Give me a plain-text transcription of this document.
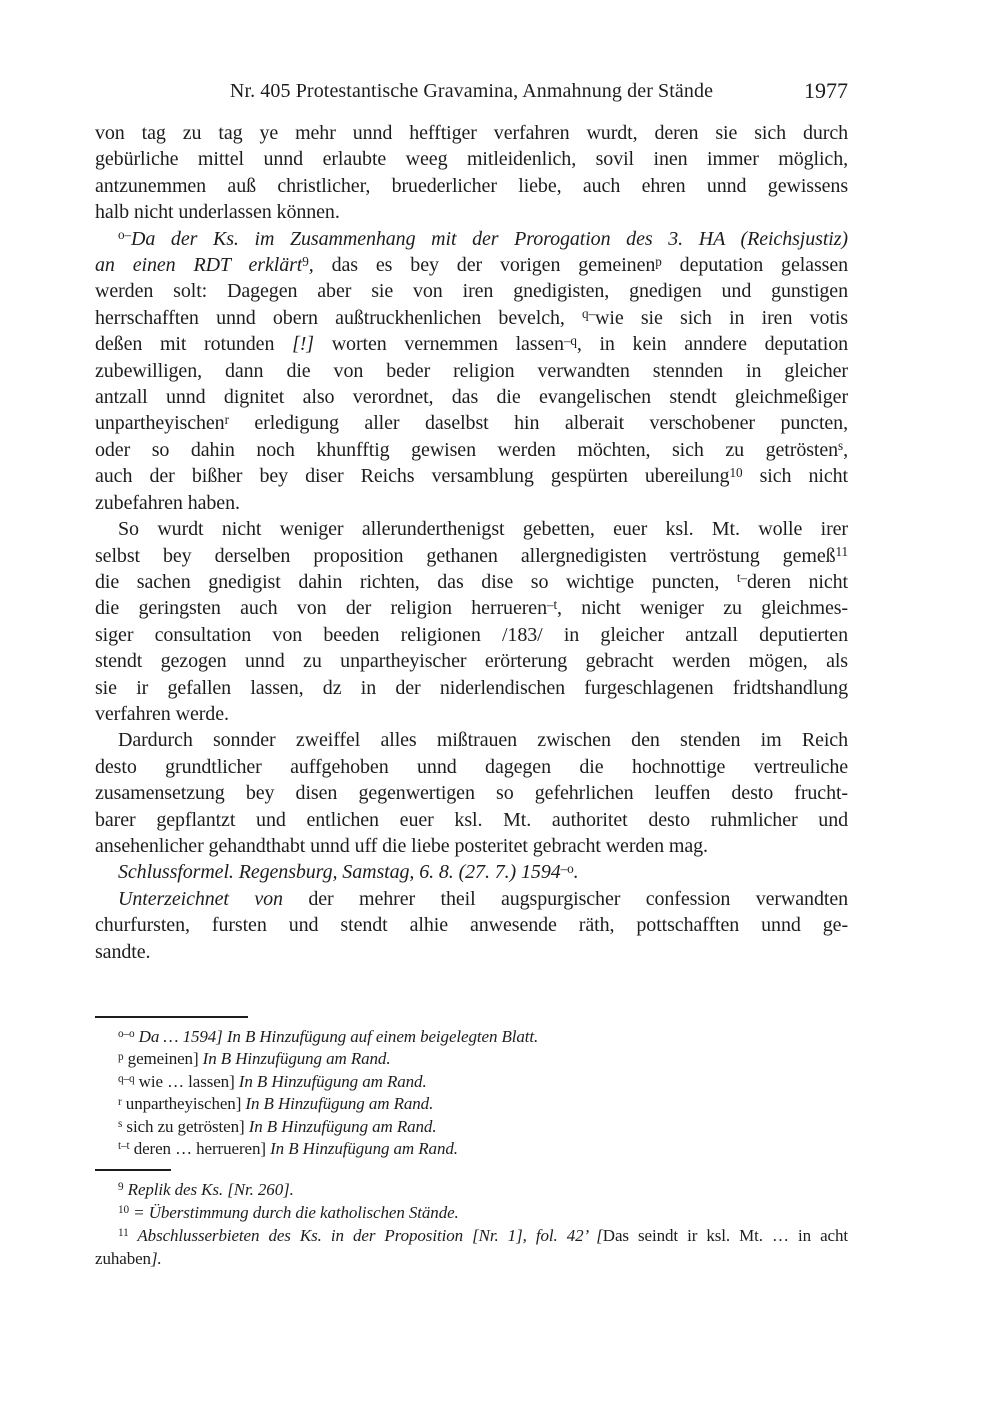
Nr. 405 Protestantische Gravamina, Anmahnung der Stände	1977
von tag zu tag ye mehr unnd hefftiger verfahren wurdt, deren sie sich durch
gebürliche mittel unnd erlaubte weeg mitleidenlich, sovil inen immer möglich,
antzunemmen auß christlicher, bruederlicher liebe, auch ehren unnd gewissens
halb nicht underlassen können.
$^{o-}$Da der Ks. im Zusammenhang mit der Prorogation des 3. HA (Reichsjustiz)
an einen RDT erklärt$^9$, das es bey der vorigen gemeinen$^p$ deputation gelassen
werden solt: Dagegen aber sie von iren gnedigisten, gnedigen und gunstigen
herrschafften unnd obern außtruckhenlichen bevelch, $^{q-}$wie sie sich in iren votis
deßen mit rotunden [!] worten vernemmen lassen$^{-q}$, in kein anndere deputation
zubewilligen, dann die von beder religion verwandten stennden in gleicher
antzall unnd dignitet also verordnet, das die evangelischen stendt gleichmeßiger
unpartheyischen$^r$ erledigung aller daselbst hin alberait verschobener puncten,
oder so dahin noch khunfftig gewisen werden möchten, sich zu getrösten$^s$,
auch der bißher bey diser Reichs versamblung gespürten ubereilung$^{10}$ sich nicht
zubefahren haben.
So wurdt nicht weniger allerunderthenigst gebetten, euer ksl. Mt. wolle irer
selbst bey derselben proposition gethanen allergnedigisten vertröstung gemeß$^{11}$
die sachen gnedigist dahin richten, das dise so wichtige puncten, $^{t-}$deren nicht
die geringsten auch von der religion herrueren$^{-t}$, nicht weniger zu gleichmes-
siger consultation von beeden religionen /183/ in gleicher antzall deputierten
stendt gezogen unnd zu unpartheyischer erörterung gebracht werden mögen, als
sie ir gefallen lassen, dz in der niderlendischen furgeschlagenen fridtshandlung
verfahren werde.
Dardurch sonnder zweiffel alles mißtrauen zwischen den stenden im Reich
desto grundtlicher auffgehoben unnd dagegen die hochnottige vertreuliche
zusamensetzung bey disen gegenwertigen so gefehrlichen leuffen desto frucht-
barer gepflantzt und entlichen euer ksl. Mt. authoritet desto ruhmlicher und
ansehenlicher gehandthabt unnd uff die liebe posteritet gebracht werden mag.
Schlussformel. Regensburg, Samstag, 6. 8. (27. 7.) $1594^{-o}$.
Unterzeichnet von der mehrer theil augspurgischer confession verwandten
churfursten, fursten und stendt alhie anwesende räth, pottschafften unnd ge-
sandte.
$^{o-o}$ Da … 1594] In B Hinzufügung auf einem beigelegten Blatt.
$^p$ gemeinen] In B Hinzufügung am Rand.
$^{q-q}$ wie … lassen] In B Hinzufügung am Rand.
$^r$ unpartheyischen] In B Hinzufügung am Rand.
$^s$ sich zu getrösten] In B Hinzufügung am Rand.
$^{t-t}$ deren … herrueren] In B Hinzufügung am Rand.
$^9$ Replik des Ks. [Nr. 260].
$^{10}$ = Überstimmung durch die katholischen Stände.
$^{11}$ Abschlusserbieten des Ks. in der Proposition [Nr. 1], fol. 42’ [Das seindt ir ksl. Mt. … in acht
zuhaben].
